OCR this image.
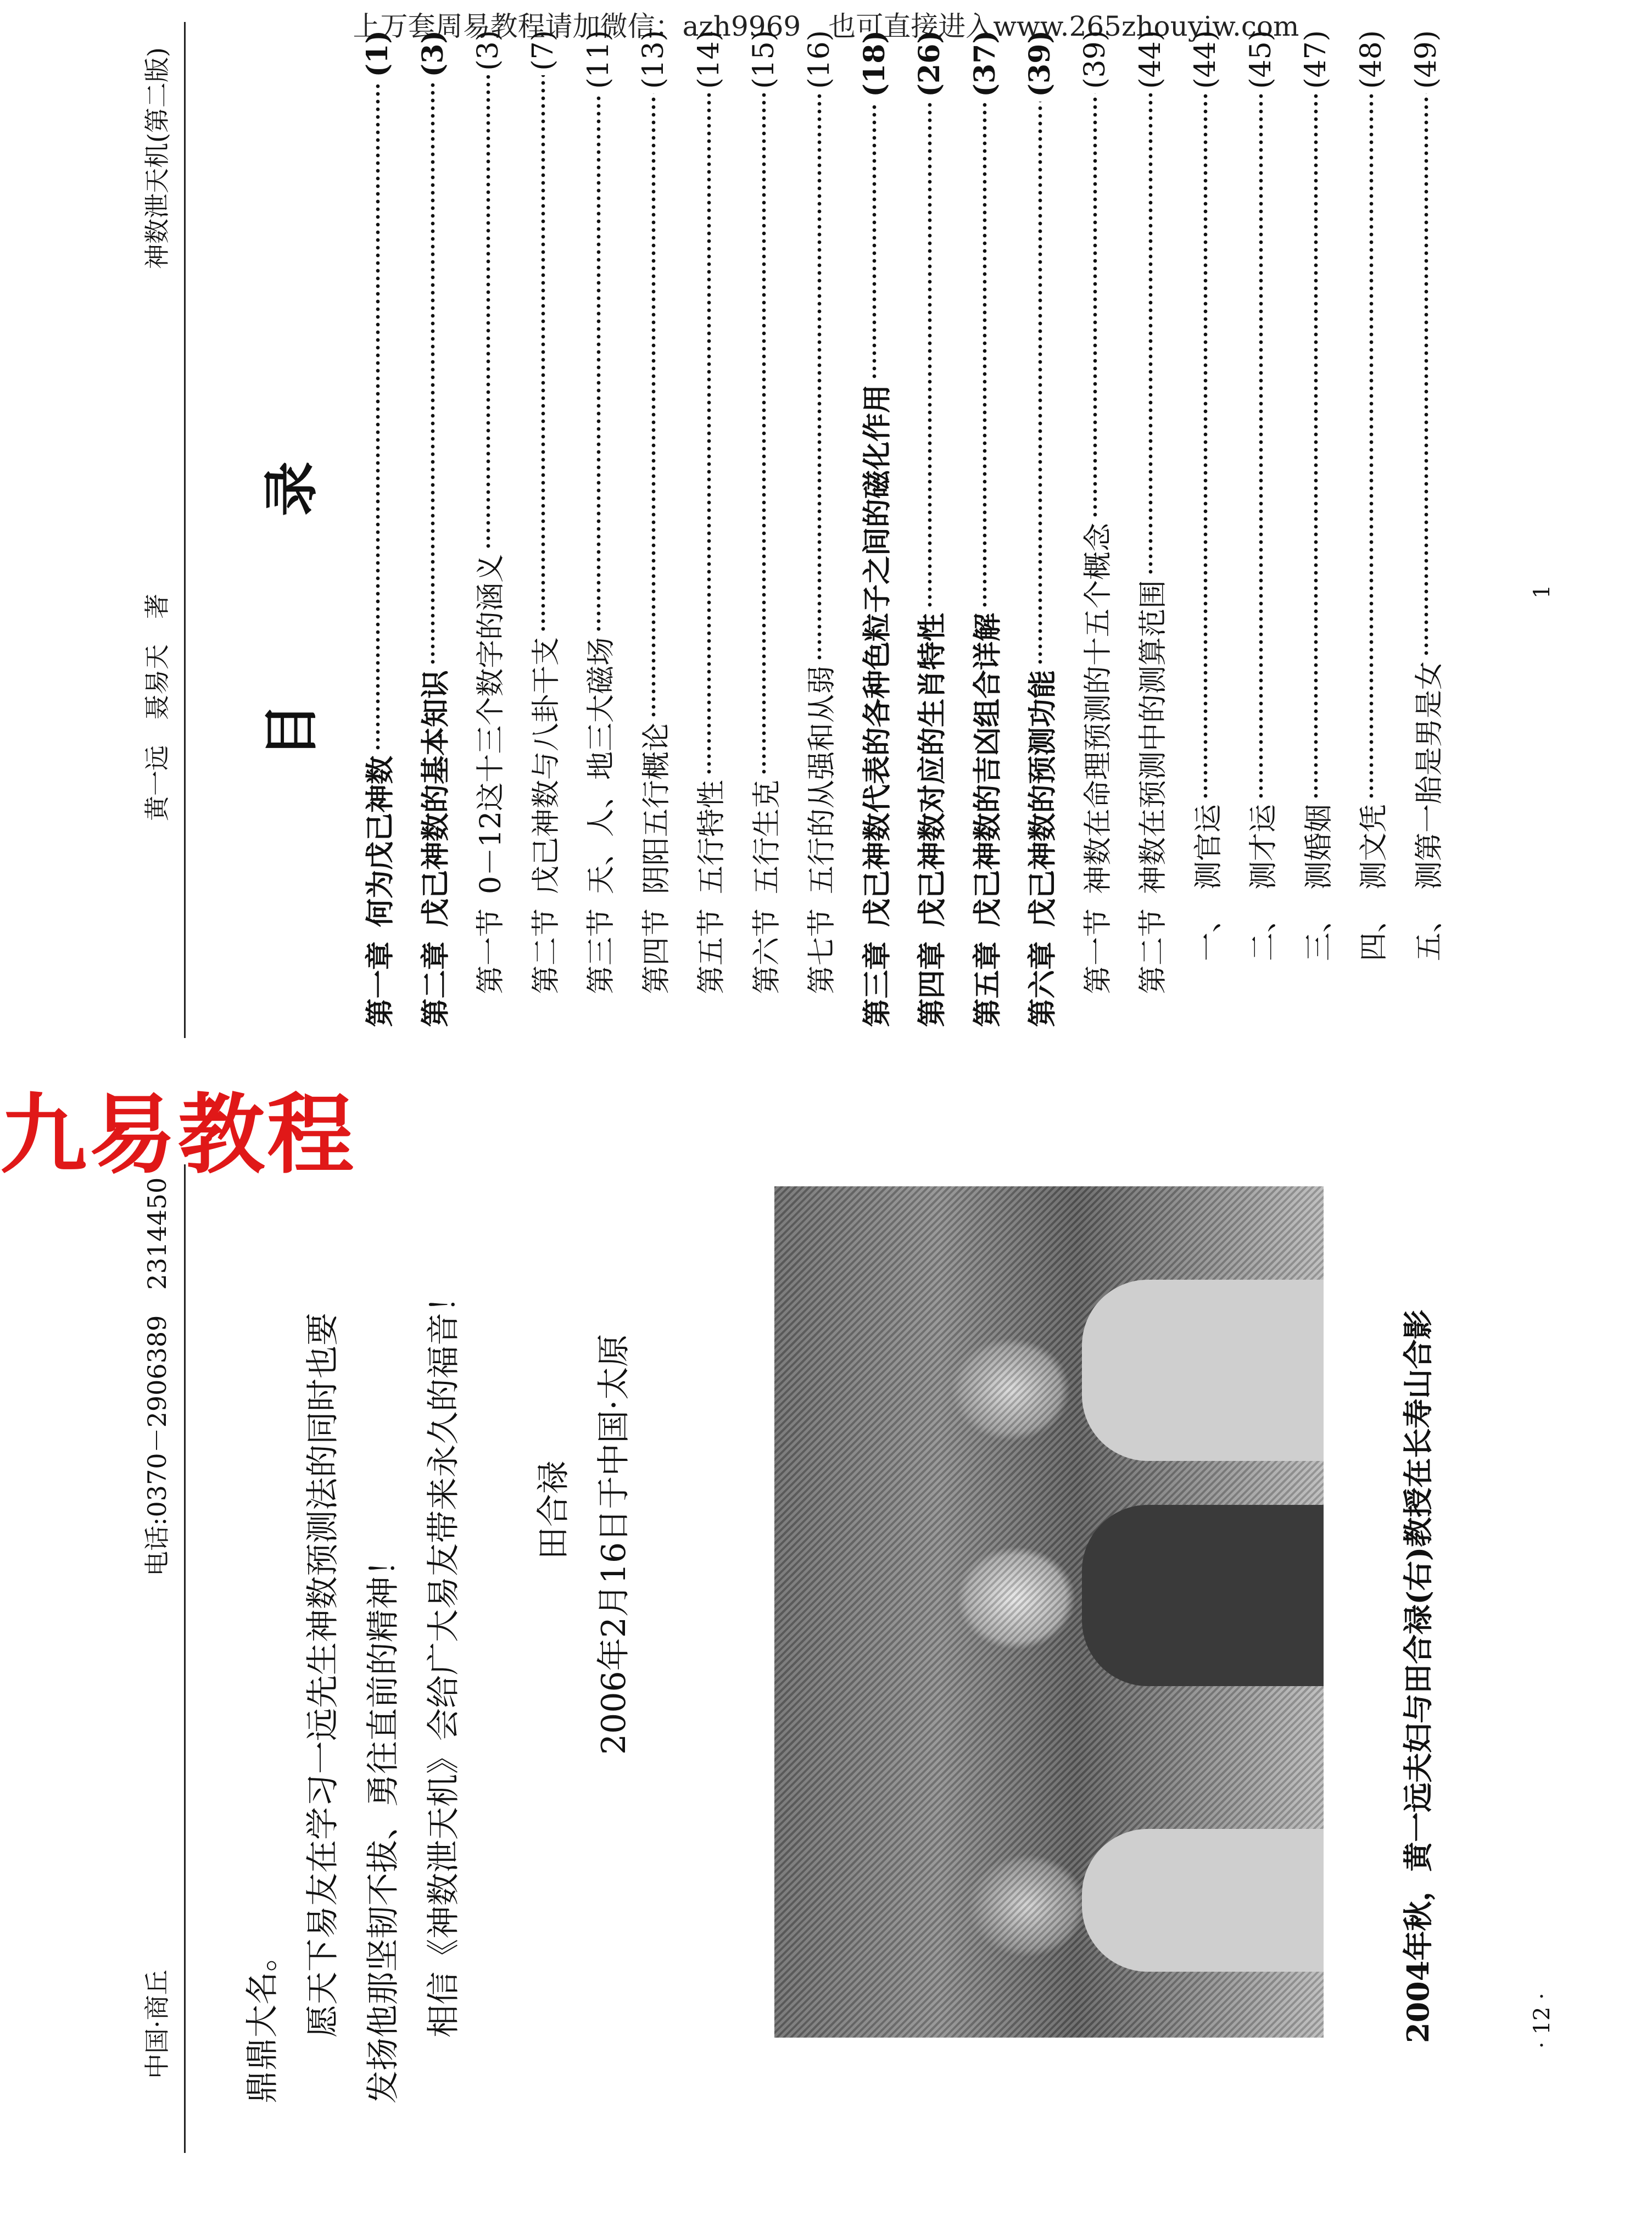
上万套周易教程请加微信：azh9969　也可直接进入www.265zhouyiw.com
黄一远　聂易天　著
神数泄天机(第二版)
目　录
第一章
何为戊己神数
(1)
第二章
戊己神数的基本知识
(3)
第一节
0－12这十三个数字的涵义
(3)
第二节
戊己神数与八卦干支
(7)
第三节
天、人、地三大磁场
(11)
第四节
阴阳五行概论
(13)
第五节
五行特性
(14)
第六节
五行生克
(15)
第七节
五行的从强和从弱
(16)
第三章
戊己神数代表的各种色粒子之间的磁化作用
(18)
第四章
戊己神数对应的生肖特性
(26)
第五章
戊己神数的吉凶组合详解
(37)
第六章
戊己神数的预测功能
(39)
第一节
神数在命理预测的十五个概念
(39)
第二节
神数在预测中的测算范围
(44)
一、
测官运
(44)
二、
测才运
(45)
三、
测婚姻
(47)
四、
测文凭
(48)
五、
测第一胎是男是女
(49)
1
中国·商丘
电话:0370－2906389　2314450
鼎鼎大名。 　　愿天下易友在学习一远先生神数预测法的同时也要 发扬他那坚韧不拔、勇往直前的精神！ 　　相信《神数泄天机》会给广大易友带来永久的福音！ 田合禄 2006年2月16日于中国·太原	2004年秋，黄一远夫妇与田合禄(右)教授在长寿山合影	· 12 ·
九易教程
